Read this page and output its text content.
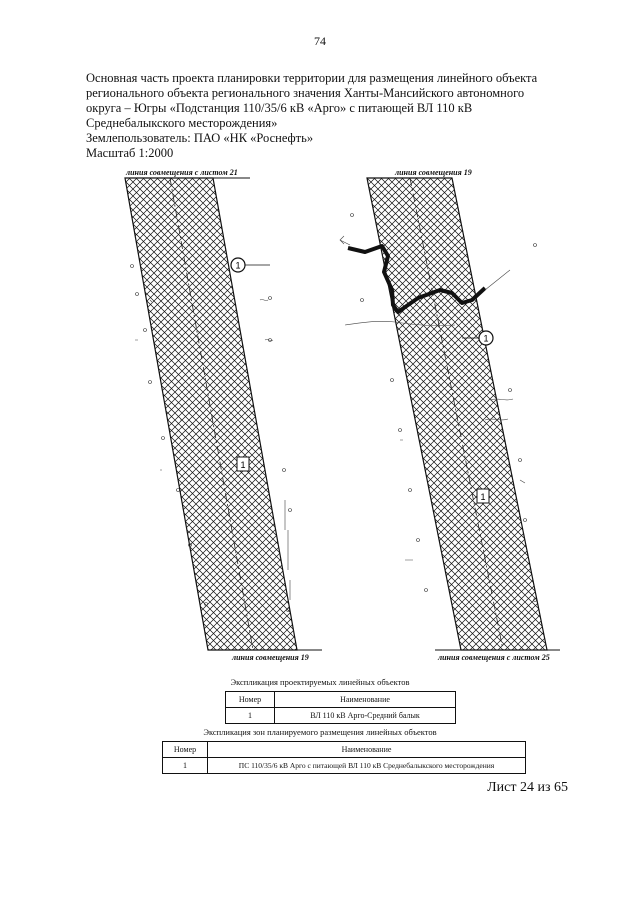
74
Основная часть проекта планировки территории для размещения линейного объекта
регионального объекта регионального значения Ханты-Мансийского автономного
округа – Югры «Подстанция 110/35/6 кВ «Арго» с питающей ВЛ 110 кВ
Среднебалыкского месторождения»
Землепользователь: ПАО «НК «Роснефть»
Масштаб 1:2000
1
1
1
1
линия совмещения с листом 21
линия совмещения 19
линия совмещения 19
линия совмещения с листом 25
Экспликация проектируемых линейных объектов
Номер	Наименование
1	ВЛ 110 кВ Арго-Средний балык
Экспликация зон планируемого размещения линейных объектов
Номер	Наименование
1	ПС 110/35/6 кВ Арго с питающей ВЛ 110 кВ Среднебалыкского месторождения
Лист 24 из 65
